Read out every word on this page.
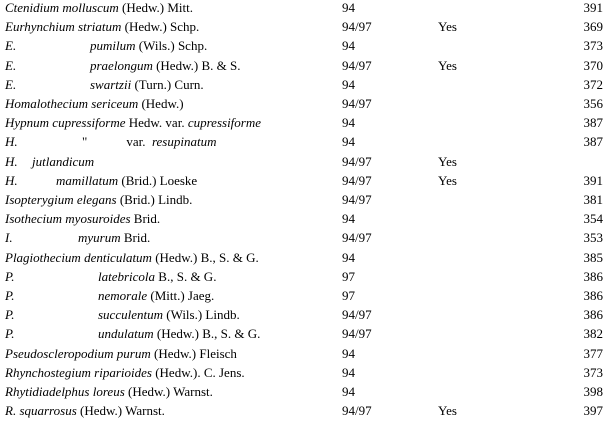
Ctenidium molluscum (Hedw.) Mitt.	94	391
Eurhynchium striatum (Hedw.) Schp.	94/97	Yes	369
E.	pumilum (Wils.) Schp.	94	373
E.	praelongum (Hedw.) B. & S.	94/97	Yes	370
E.	swartzii (Turn.) Curn.	94	372
Homalothecium sericeum (Hedw.)	94/97	356
Hypnum cupressiforme Hedw. var. cupressiforme	94	387
H.	"            var.  resupinatum	94	387
H. jutlandicum	94/97	Yes
H.	mamillatum (Brid.) Loeske	94/97	Yes	391
Isopterygium elegans (Brid.) Lindb.	94/97	381
Isothecium myosuroides Brid.	94	354
I.	myurum Brid.	94/97	353
Plagiothecium denticulatum (Hedw.) B., S. & G.	94	385
P.	latebricola B., S. & G.	97	386
P.	nemorale (Mitt.) Jaeg.	97	386
P.	succulentum (Wils.) Lindb.	94/97	386
P.	undulatum (Hedw.) B., S. & G.	94/97	382
Pseudoscleropodium purum (Hedw.) Fleisch	94	377
Rhynchostegium riparioides (Hedw.). C. Jens.	94	373
Rhytidiadelphus loreus (Hedw.) Warnst.	94	398
R. squarrosus (Hedw.) Warnst.	94/97	Yes	397
